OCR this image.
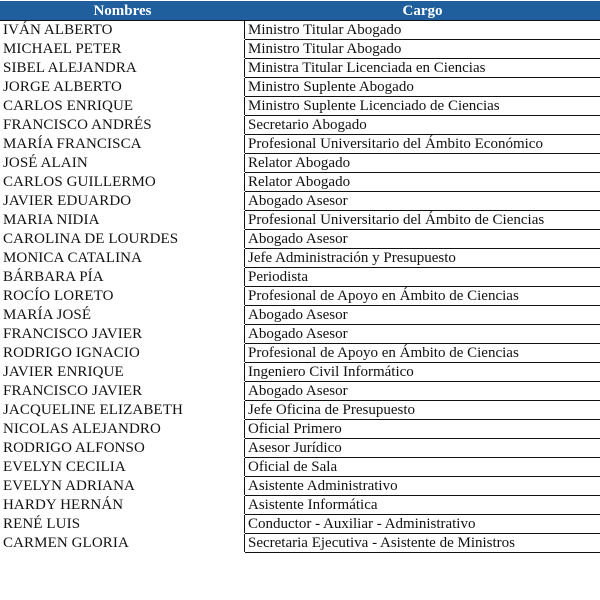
Nombres	Cargo
IVÁN ALBERTO	Ministro Titular Abogado
MICHAEL PETER	Ministro Titular Abogado
SIBEL ALEJANDRA	Ministra Titular Licenciada en Ciencias
JORGE ALBERTO	Ministro Suplente Abogado
CARLOS ENRIQUE	Ministro Suplente Licenciado de Ciencias
FRANCISCO ANDRÉS	Secretario Abogado
MARÍA FRANCISCA	Profesional Universitario del Ámbito Económico
JOSÉ ALAIN	Relator Abogado
CARLOS GUILLERMO	Relator Abogado
JAVIER EDUARDO	Abogado Asesor
MARIA NIDIA	Profesional Universitario del Ámbito de Ciencias
CAROLINA DE LOURDES	Abogado Asesor
MONICA CATALINA	Jefe Administración y Presupuesto
BÁRBARA PÍA	Periodista
ROCÍO LORETO	Profesional de Apoyo en Ámbito de Ciencias
MARÍA JOSÉ	Abogado Asesor
FRANCISCO JAVIER	Abogado Asesor
RODRIGO IGNACIO	Profesional de Apoyo en Ámbito de Ciencias
JAVIER ENRIQUE	Ingeniero Civil Informático
FRANCISCO JAVIER	Abogado Asesor
JACQUELINE ELIZABETH	Jefe Oficina de Presupuesto
NICOLAS ALEJANDRO	Oficial Primero
RODRIGO ALFONSO	Asesor Jurídico
EVELYN CECILIA	Oficial de Sala
EVELYN ADRIANA	Asistente Administrativo
HARDY HERNÁN	Asistente Informática
RENÉ LUIS	Conductor - Auxiliar - Administrativo
CARMEN GLORIA	Secretaria Ejecutiva - Asistente de Ministros
